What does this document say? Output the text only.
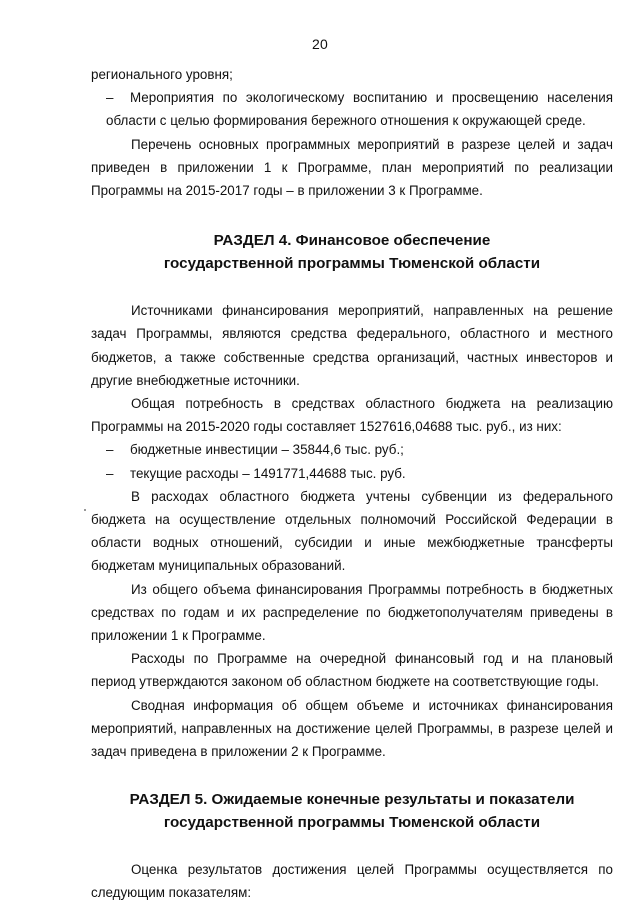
20

регионального уровня;

– Мероприятия по экологическому воспитанию и просвещению населения области с целью формирования бережного отношения к окружающей среде.

Перечень основных программных мероприятий в разрезе целей и задач приведен в приложении 1 к Программе, план мероприятий по реализации Программы на 2015-2017 годы – в приложении 3 к Программе.

РАЗДЕЛ 4. Финансовое обеспечение
государственной программы Тюменской области

Источниками финансирования мероприятий, направленных на решение задач Программы, являются средства федерального, областного и местного бюджетов, а также собственные средства организаций, частных инвесторов и другие внебюджетные источники.

Общая потребность в средствах областного бюджета на реализацию Программы на 2015-2020 годы составляет 1527616,04688 тыс. руб., из них:

– бюджетные инвестиции – 35844,6 тыс. руб.;

– текущие расходы – 1491771,44688 тыс. руб.

В расходах областного бюджета учтены субвенции из федерального бюджета на осуществление отдельных полномочий Российской Федерации в области водных отношений, субсидии и иные межбюджетные трансферты бюджетам муниципальных образований.

Из общего объема финансирования Программы потребность в бюджетных средствах по годам и их распределение по бюджетополучателям приведены в приложении 1 к Программе.

Расходы по Программе на очередной финансовый год и на плановый период утверждаются законом об областном бюджете на соответствующие годы.

Сводная информация об общем объеме и источниках финансирования мероприятий, направленных на достижение целей Программы, в разрезе целей и задач приведена в приложении 2 к Программе.

РАЗДЕЛ 5. Ожидаемые конечные результаты и показатели
государственной программы Тюменской области

Оценка результатов достижения целей Программы осуществляется по следующим показателям:
